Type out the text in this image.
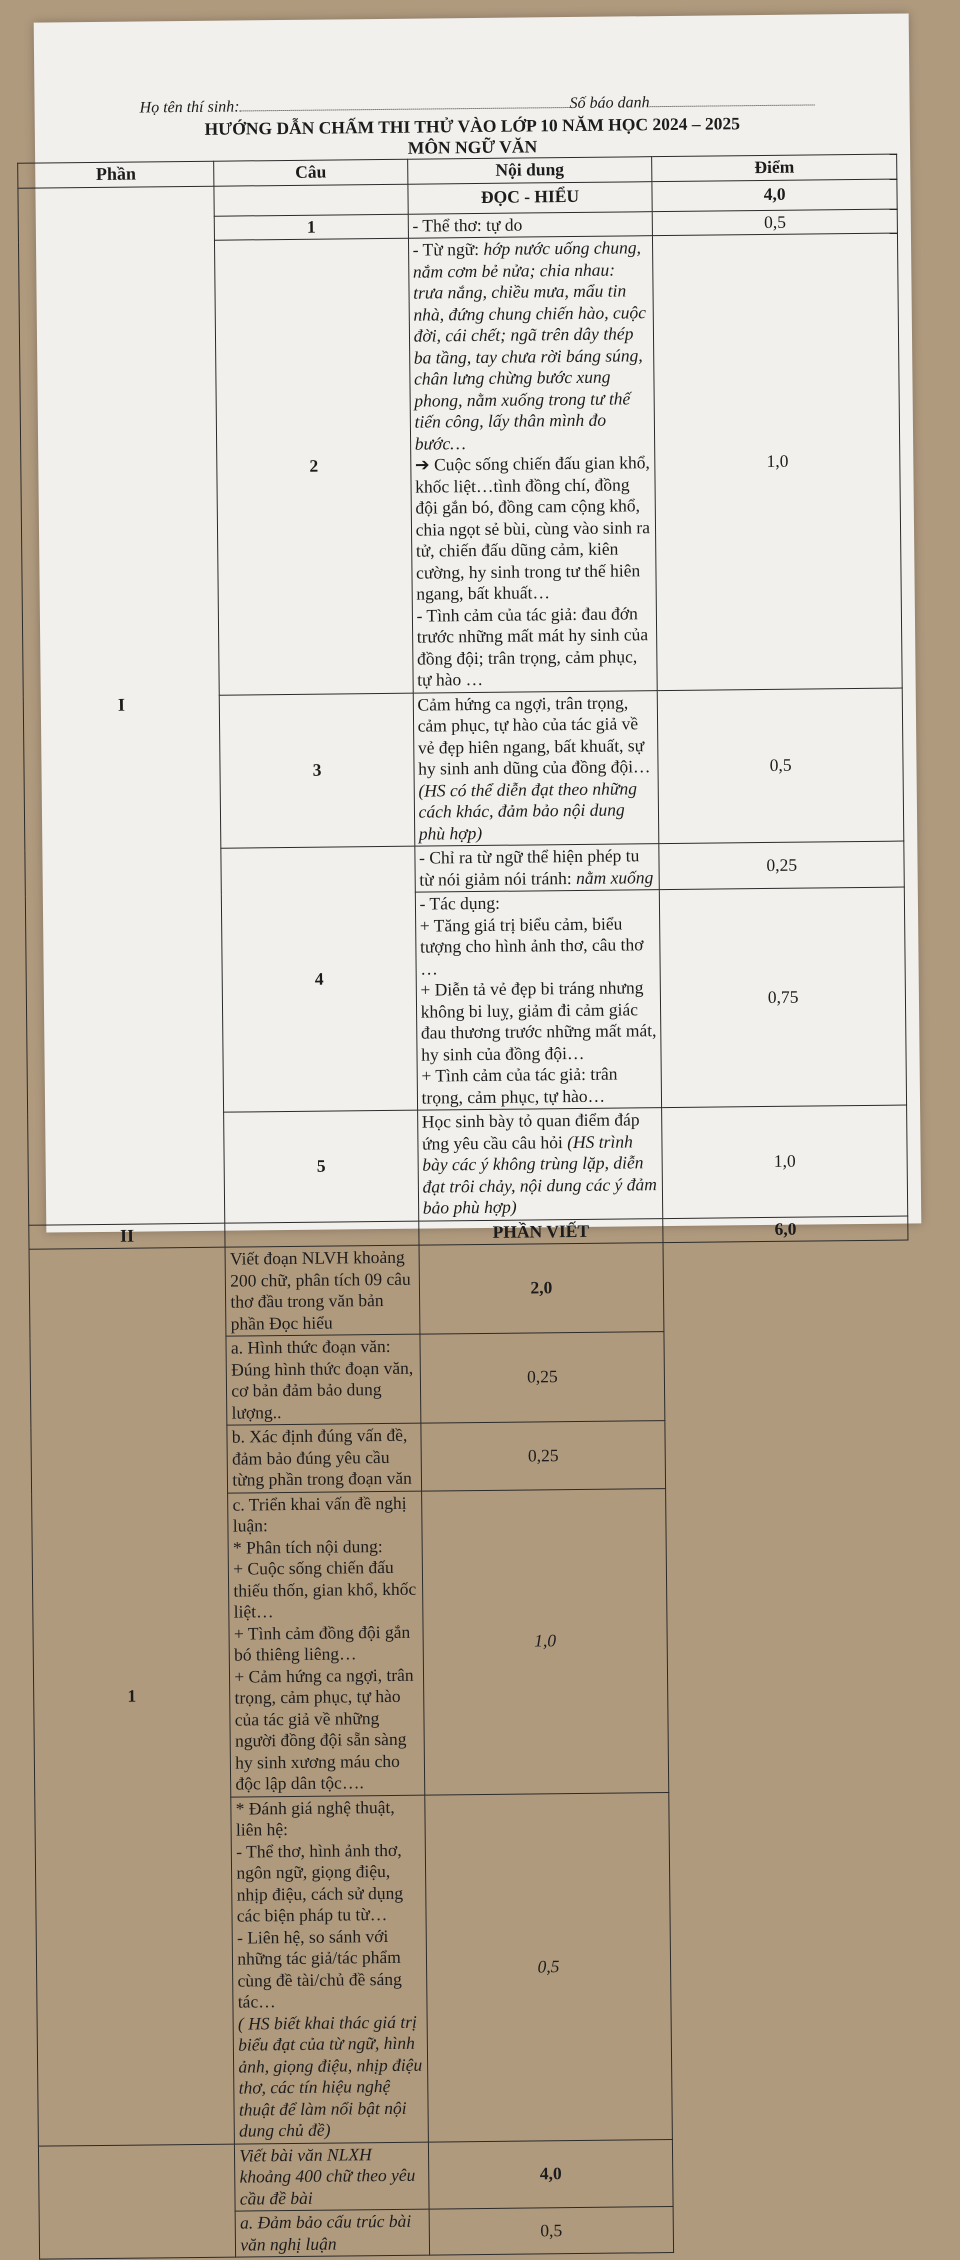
Họ tên thí sinh:	Số báo danh
HƯỚNG DẪN CHẤM THI THỬ VÀO LỚP 10 NĂM HỌC 2024 – 2025
MÔN NGỮ VĂN
Phần	Câu	Nội dung	Điểm
I		ĐỌC - HIỂU	4,0
	1	- Thể thơ: tự do	0,5
	2	- Từ ngữ: hớp nước uống chung, nắm cơm bẻ nửa; chia nhau: trưa nắng, chiều mưa, mẩu tin nhà, đứng chung chiến hào, cuộc đời, cái chết; ngã trên dây thép ba tầng, tay chưa rời báng súng, chân lưng chừng bước xung phong, nằm xuống trong tư thế tiến công, lấy thân mình đo bước…
➔ Cuộc sống chiến đấu gian khổ, khốc liệt…tình đồng chí, đồng đội gắn bó, đồng cam cộng khổ, chia ngọt sẻ bùi, cùng vào sinh ra tử, chiến đấu dũng cảm, kiên cường, hy sinh trong tư thế hiên ngang, bất khuất…
- Tình cảm của tác giả: đau đớn trước những mất mát hy sinh của đồng đội; trân trọng, cảm phục, tự hào …	1,0
	3	Cảm hứng ca ngợi, trân trọng, cảm phục, tự hào của tác giả về vẻ đẹp hiên ngang, bất khuất, sự hy sinh anh dũng của đồng đội…
(HS có thể diễn đạt theo những cách khác, đảm bảo nội dung phù hợp)	0,5
	4	- Chỉ ra từ ngữ thể hiện phép tu từ nói giảm nói tránh: nằm xuống	0,25

		- Tác dụng:
+ Tăng giá trị biểu cảm, biểu tượng cho hình ảnh thơ, câu thơ …
+ Diễn tả vẻ đẹp bi tráng nhưng không bi luỵ, giảm đi cảm giác đau thương trước những mất mát, hy sinh của đồng đội…
+ Tình cảm của tác giả: trân trọng, cảm phục, tự hào…	0,75
	5	Học sinh bày tỏ quan điểm đáp ứng yêu cầu câu hỏi (HS trình bày các ý không trùng lặp, diễn đạt trôi chảy, nội dung các ý đảm bảo phù hợp)	1,0
II		PHẦN VIẾT	6,0
1	Viết đoạn NLVH khoảng 200 chữ, phân tích 09 câu thơ đầu trong văn bản phần Đọc hiểu	2,0	
	a. Hình thức đoạn văn: Đúng hình thức đoạn văn, cơ bản đảm bảo dung lượng..	0,25	
	b. Xác định đúng vấn đề, đảm bảo đúng yêu cầu từng phần trong đoạn văn	0,25	

	c. Triển khai vấn đề nghị luận:
* Phân tích nội dung:
+ Cuộc sống chiến đấu thiếu thốn, gian khổ, khốc liệt…
+ Tình cảm đồng đội gắn bó thiêng liêng…
+ Cảm hứng ca ngợi, trân trọng, cảm phục, tự hào của tác giả về những người đồng đội sẵn sàng hy sinh xương máu cho độc lập dân tộc….	1,0	

	* Đánh giá nghệ thuật, liên hệ:
- Thể thơ, hình ảnh thơ, ngôn ngữ, giọng điệu, nhịp điệu, cách sử dụng các biện pháp tu từ…
- Liên hệ, so sánh với những tác giả/tác phẩm cùng đề tài/chủ đề sáng tác…
( HS biết khai thác giá trị biểu đạt của từ ngữ, hình ảnh, giọng điệu, nhịp điệu thơ, các tín hiệu nghệ thuật để làm nổi bật nội dung chủ đề)	0,5	
	Viết bài văn NLXH khoảng 400 chữ theo yêu cầu đề bài	4,0	
	a. Đảm bảo cấu trúc bài văn nghị luận	0,5	
